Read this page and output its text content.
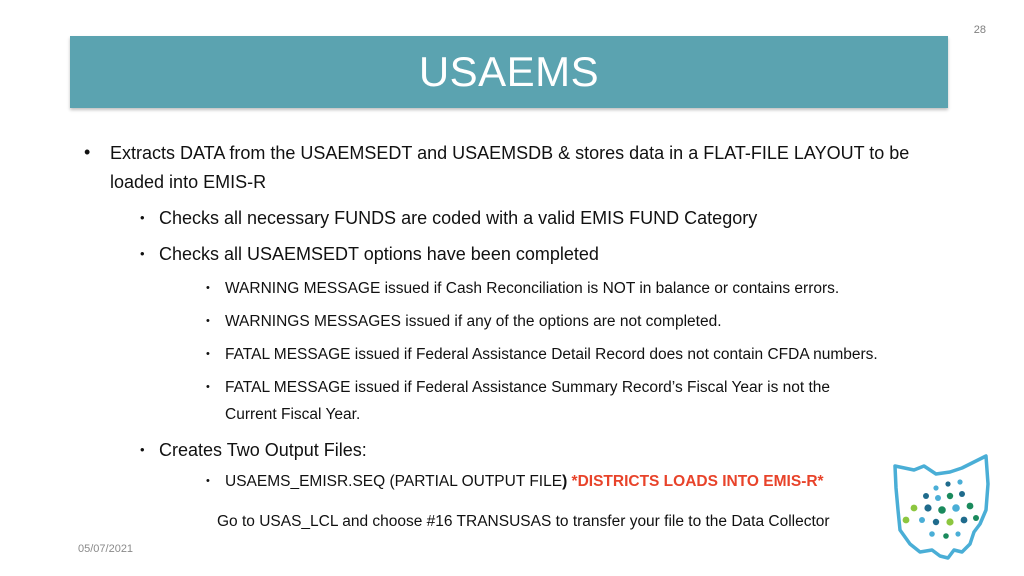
28
USAEMS
• Extracts DATA from the USAEMSEDT and USAEMSDB & stores data in a FLAT-FILE LAYOUT to be
loaded into EMIS-R
• Checks all necessary FUNDS are coded with a valid EMIS FUND Category
• Checks all USAEMSEDT options have been completed
• WARNING MESSAGE issued if Cash Reconciliation is NOT in balance or contains errors.
• WARNINGS MESSAGES issued if any of the options are not completed.
• FATAL MESSAGE issued if Federal Assistance Detail Record does not contain CFDA numbers.
• FATAL MESSAGE issued if Federal Assistance Summary Record’s Fiscal Year is not the
Current Fiscal Year.
• Creates Two Output Files:
• USAEMS_EMISR.SEQ (PARTIAL OUTPUT FILE) *DISTRICTS LOADS INTO EMIS-R*
Go to USAS_LCL and choose #16 TRANSUSAS to transfer your file to the Data Collector
05/07/2021
